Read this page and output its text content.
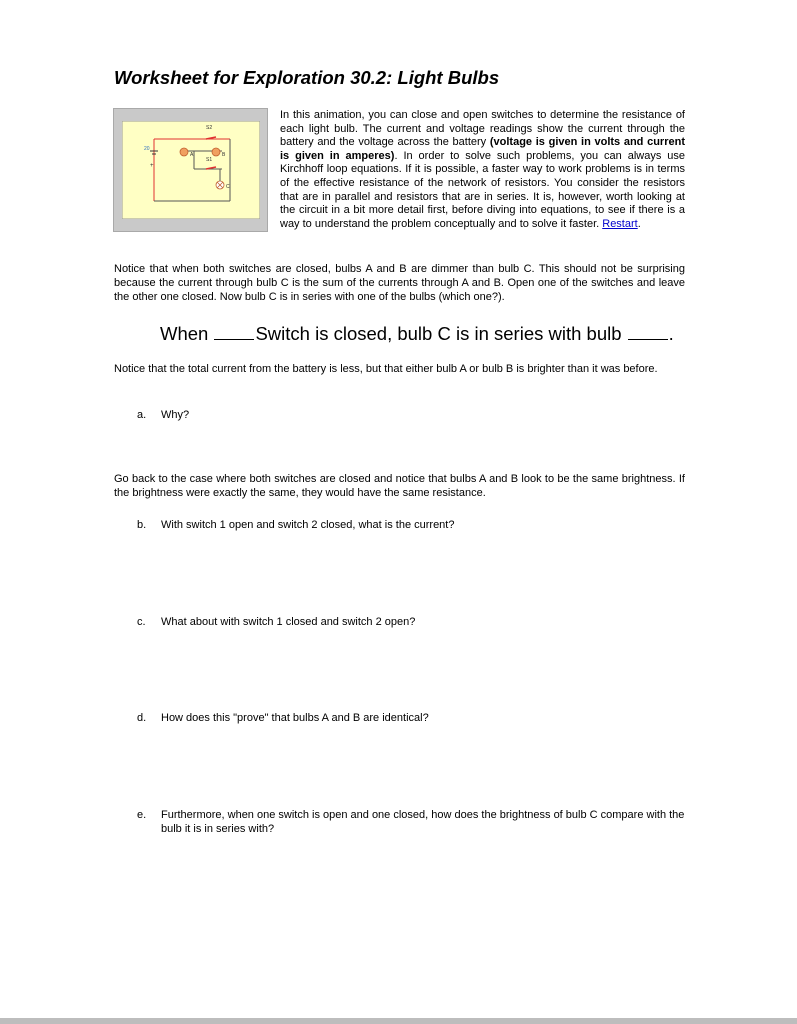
Worksheet for Exploration 30.2: Light Bulbs
S2
S1
20
A	B
C
+

In this animation, you can close and open switches to determine the resistance of each light bulb. The current and voltage readings show the current through the battery and the voltage across the battery (voltage is given in volts and current is given in amperes). In order to solve such problems, you can always use Kirchhoff loop equations. If it is possible, a faster way to work problems is in terms of the effective resistance of the network of resistors. You consider the resistors that are in parallel and resistors that are in series. It is, however, worth looking at the circuit in a bit more detail first, before diving into equations, to see if there is a way to understand the problem conceptually and to solve it faster. Restart.

Notice that when both switches are closed, bulbs A and B are dimmer than bulb C. This should not be surprising because the current through bulb C is the sum of the currents through A and B. Open one of the switches and leave the other one closed. Now bulb C is in series with one of the bulbs (which one?).

When	Switch is closed, bulb C is in series with bulb	.

Notice that the total current from the battery is less, but that either bulb A or bulb B is brighter than it was before.

a.	Why?

Go back to the case where both switches are closed and notice that bulbs A and B look to be the same brightness. If the brightness were exactly the same, they would have the same resistance.

b.	With switch 1 open and switch 2 closed, what is the current?
c.	What about with switch 1 closed and switch 2 open?
d.	How does this "prove" that bulbs A and B are identical?
e.	Furthermore, when one switch is open and one closed, how does the brightness of bulb C compare with the bulb it is in series with?
